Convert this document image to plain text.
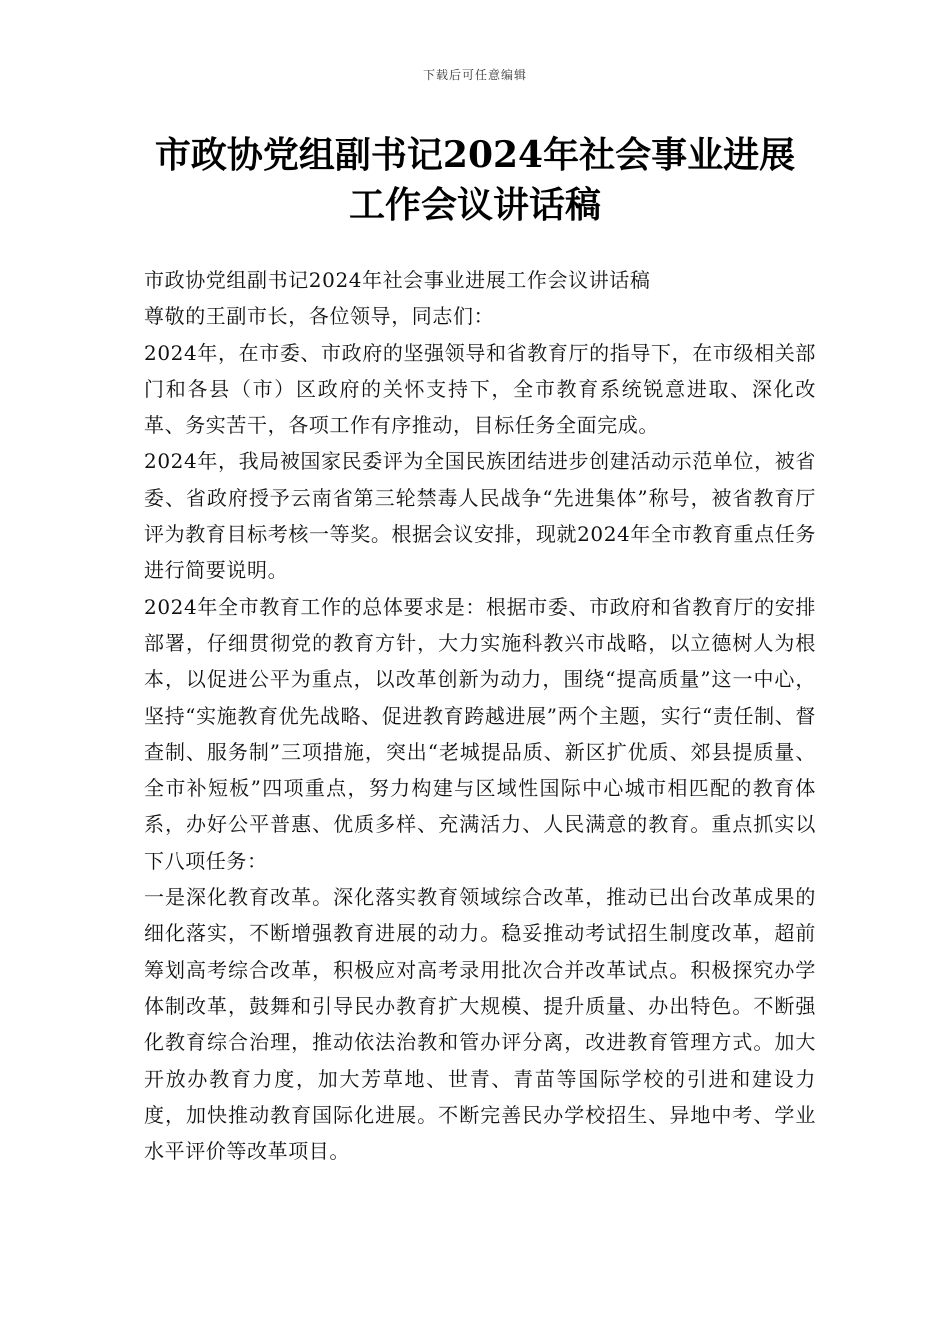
下载后可任意编辑
市政协党组副书记2024年社会事业进展工作会议讲话稿

市政协党组副书记2024年社会事业进展工作会议讲话稿

尊敬的王副市长，各位领导，同志们：

2024年，在市委、市政府的坚强领导和省教育厅的指导下，在市级相关部门和各县（市）区政府的关怀支持下，全市教育系统锐意进取、深化改革、务实苦干，各项工作有序推动，目标任务全面完成。

2024年，我局被国家民委评为全国民族团结进步创建活动示范单位，被省委、省政府授予云南省第三轮禁毒人民战争“先进集体”称号，被省教育厅评为教育目标考核一等奖。根据会议安排，现就2024年全市教育重点任务进行简要说明。

2024年全市教育工作的总体要求是：根据市委、市政府和省教育厅的安排部署，仔细贯彻党的教育方针，大力实施科教兴市战略，以立德树人为根本，以促进公平为重点，以改革创新为动力，围绕“提高质量”这一中心，坚持“实施教育优先战略、促进教育跨越进展”两个主题，实行“责任制、督查制、服务制”三项措施，突出“老城提品质、新区扩优质、郊县提质量、全市补短板”四项重点，努力构建与区域性国际中心城市相匹配的教育体系，办好公平普惠、优质多样、充满活力、人民满意的教育。重点抓实以下八项任务：

一是深化教育改革。深化落实教育领域综合改革，推动已出台改革成果的细化落实，不断增强教育进展的动力。稳妥推动考试招生制度改革，超前筹划高考综合改革，积极应对高考录用批次合并改革试点。积极探究办学体制改革，鼓舞和引导民办教育扩大规模、提升质量、办出特色。不断强化教育综合治理，推动依法治教和管办评分离，改进教育管理方式。加大开放办教育力度，加大芳草地、世青、青苗等国际学校的引进和建设力度，加快推动教育国际化进展。不断完善民办学校招生、异地中考、学业水平评价等改革项目。
